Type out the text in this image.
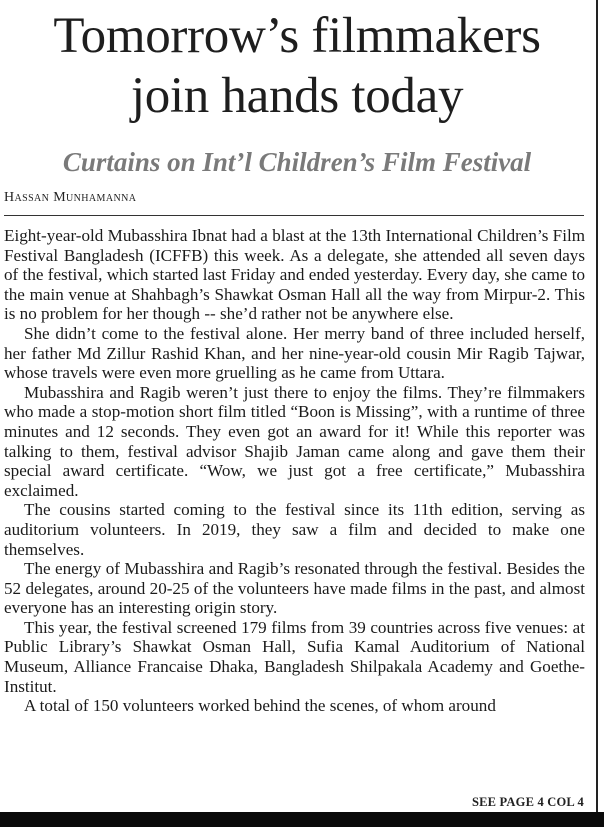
Tomorrow’s filmmakers
join hands today
Curtains on Int’l Children’s Film Festival
Hassan Munhamanna

Eight-year-old Mubasshira Ibnat had a blast at the 13th International Children’s Film Festival Bangladesh (ICFFB) this week. As a delegate, she attended all seven days of the festival, which started last Friday and ended yesterday. Every day, she came to the main venue at Shahbagh’s Shawkat Osman Hall all the way from Mirpur-2. This is no problem for her though -- she’d rather not be anywhere else.

She didn’t come to the festival alone. Her merry band of three included herself, her father Md Zillur Rashid Khan, and her nine-year-old cousin Mir Ragib Tajwar, whose travels were even more gruelling as he came from Uttara.

Mubasshira and Ragib weren’t just there to enjoy the films. They’re filmmakers who made a stop-motion short film titled “Boon is Missing”, with a runtime of three minutes and 12 seconds. They even got an award for it! While this reporter was talking to them, festival advisor Shajib Jaman came along and gave them their special award certificate. “Wow, we just got a free certificate,” Mubasshira exclaimed.

The cousins started coming to the festival since its 11th edition, serving as auditorium volunteers. In 2019, they saw a film and decided to make one themselves.

The energy of Mubasshira and Ragib’s resonated through the festival. Besides the 52 delegates, around 20-25 of the volunteers have made films in the past, and almost everyone has an interesting origin story.

This year, the festival screened 179 films from 39 countries across five venues: at Public Library’s Shawkat Osman Hall, Sufia Kamal Auditorium of National Museum, Alliance Francaise Dhaka, Bangladesh Shilpakala Academy and Goethe-Institut.

A total of 150 volunteers worked behind the scenes, of whom around

SEE PAGE 4 COL 4
